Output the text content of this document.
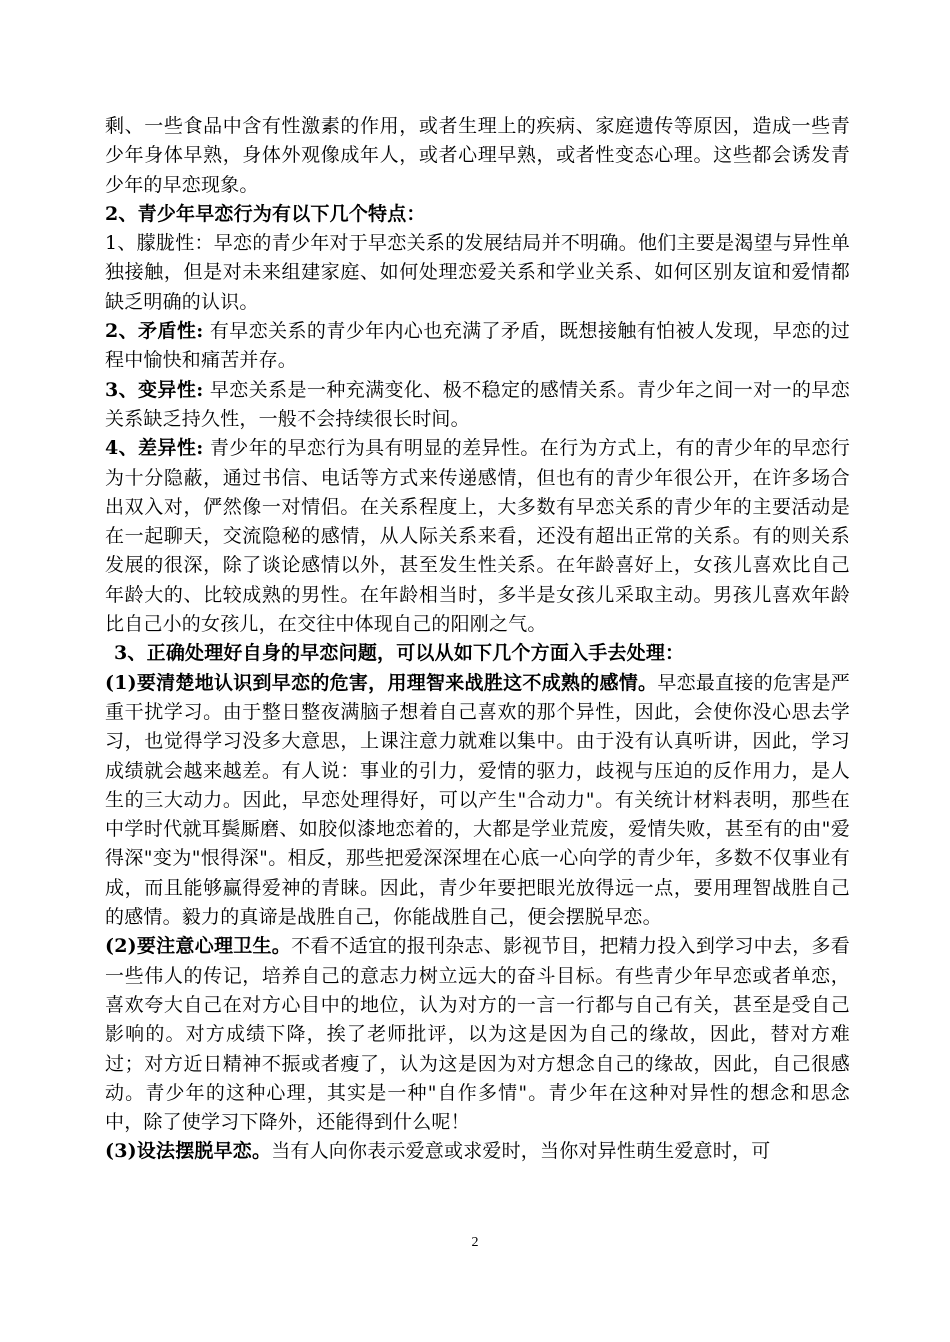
剩、一些食品中含有性激素的作用，或者生理上的疾病、家庭遗传等原因，造成一些青少年身体早熟，身体外观像成年人，或者心理早熟，或者性变态心理。这些都会诱发青少年的早恋现象。

2、青少年早恋行为有以下几个特点：

1、朦胧性：早恋的青少年对于早恋关系的发展结局并不明确。他们主要是渴望与异性单独接触，但是对未来组建家庭、如何处理恋爱关系和学业关系、如何区别友谊和爱情都缺乏明确的认识。

2、矛盾性: 有早恋关系的青少年内心也充满了矛盾，既想接触有怕被人发现，早恋的过程中愉快和痛苦并存。

3、变异性: 早恋关系是一种充满变化、极不稳定的感情关系。青少年之间一对一的早恋关系缺乏持久性，一般不会持续很长时间。

4、差异性: 青少年的早恋行为具有明显的差异性。在行为方式上，有的青少年的早恋行为十分隐蔽，通过书信、电话等方式来传递感情，但也有的青少年很公开，在许多场合出双入对，俨然像一对情侣。在关系程度上，大多数有早恋关系的青少年的主要活动是在一起聊天，交流隐秘的感情，从人际关系来看，还没有超出正常的关系。有的则关系发展的很深，除了谈论感情以外，甚至发生性关系。在年龄喜好上，女孩儿喜欢比自己年龄大的、比较成熟的男性。在年龄相当时，多半是女孩儿采取主动。男孩儿喜欢年龄比自己小的女孩儿，在交往中体现自己的阳刚之气。

3、正确处理好自身的早恋问题，可以从如下几个方面入手去处理：

(1)要清楚地认识到早恋的危害，用理智来战胜这不成熟的感情。早恋最直接的危害是严重干扰学习。由于整日整夜满脑子想着自己喜欢的那个异性，因此，会使你没心思去学习，也觉得学习没多大意思，上课注意力就难以集中。由于没有认真听讲，因此，学习成绩就会越来越差。有人说：事业的引力，爱情的驱力，歧视与压迫的反作用力，是人生的三大动力。因此，早恋处理得好，可以产生"合动力"。有关统计材料表明，那些在中学时代就耳鬓厮磨、如胶似漆地恋着的，大都是学业荒废，爱情失败，甚至有的由"爱得深"变为"恨得深"。相反，那些把爱深深埋在心底一心向学的青少年，多数不仅事业有成，而且能够赢得爱神的青睐。因此，青少年要把眼光放得远一点，要用理智战胜自己的感情。毅力的真谛是战胜自己，你能战胜自己，便会摆脱早恋。

(2)要注意心理卫生。不看不适宜的报刊杂志、影视节目，把精力投入到学习中去，多看一些伟人的传记，培养自己的意志力树立远大的奋斗目标。有些青少年早恋或者单恋，喜欢夸大自己在对方心目中的地位，认为对方的一言一行都与自己有关，甚至是受自己影响的。对方成绩下降，挨了老师批评，以为这是因为自己的缘故，因此，替对方难过；对方近日精神不振或者瘦了，认为这是因为对方想念自己的缘故，因此，自己很感动。青少年的这种心理，其实是一种"自作多情"。青少年在这种对异性的想念和思念中，除了使学习下降外，还能得到什么呢！

(3)设法摆脱早恋。当有人向你表示爱意或求爱时，当你对异性萌生爱意时，可

2
